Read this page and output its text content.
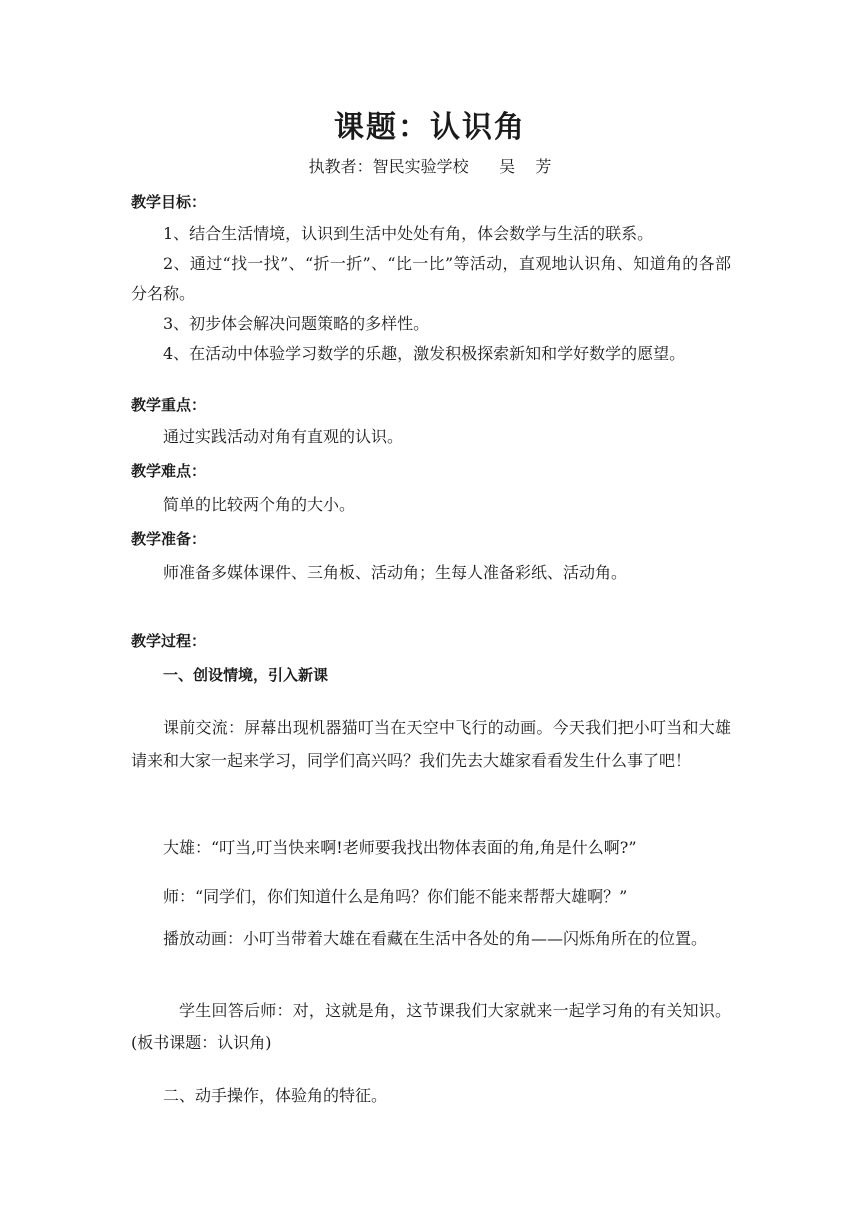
课题：认识角
执教者：智民实验学校      吴    芳
教学目标：

1、结合生活情境，认识到生活中处处有角，体会数学与生活的联系。

2、通过“找一找”、“折一折”、“比一比”等活动，直观地认识角、知道角的各部分名称。

3、初步体会解决问题策略的多样性。

4、在活动中体验学习数学的乐趣，激发积极探索新知和学好数学的愿望。

教学重点：
通过实践活动对角有直观的认识。
教学难点：
简单的比较两个角的大小。
教学准备：
师准备多媒体课件、三角板、活动角；生每人准备彩纸、活动角。
教学过程：
一、创设情境，引入新课

课前交流：屏幕出现机器猫叮当在天空中飞行的动画。今天我们把小叮当和大雄请来和大家一起来学习，同学们高兴吗？我们先去大雄家看看发生什么事了吧！

大雄：“叮当,叮当快来啊!老师要我找出物体表面的角,角是什么啊?”
师：“同学们，你们知道什么是角吗？你们能不能来帮帮大雄啊？”

播放动画：小叮当带着大雄在看藏在生活中各处的角——闪烁角所在的位置。

学生回答后师：对，这就是角，这节课我们大家就来一起学习角的有关知识。(板书课题：认识角)

二、动手操作，体验角的特征。
